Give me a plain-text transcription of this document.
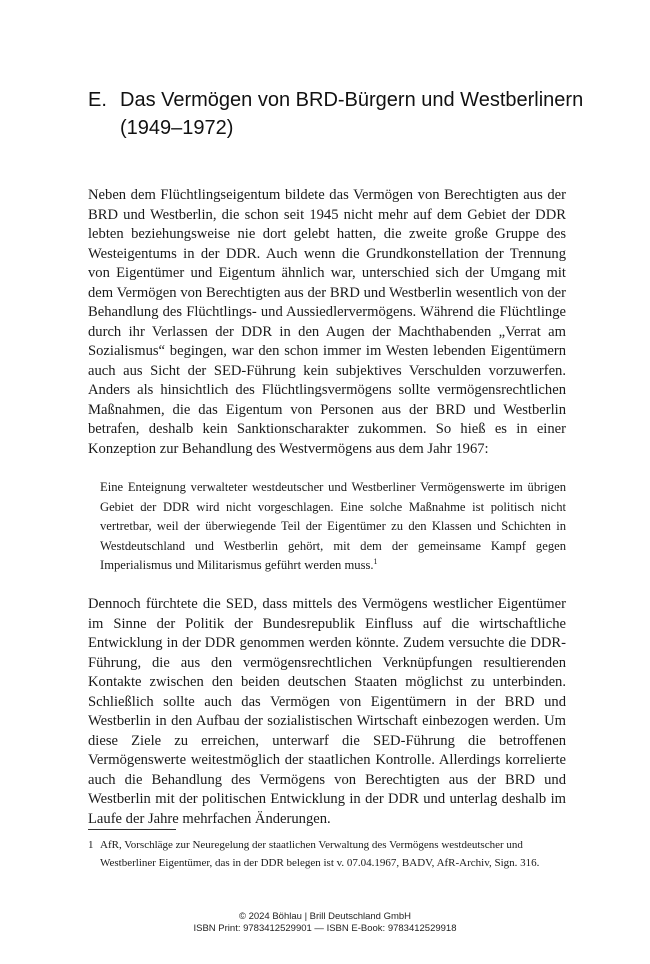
E. Das Vermögen von BRD-Bürgern und Westberlinern (1949–1972)

Neben dem Flüchtlingseigentum bildete das Vermögen von Berechtigten aus der BRD und Westberlin, die schon seit 1945 nicht mehr auf dem Gebiet der DDR lebten beziehungsweise nie dort gelebt hatten, die zweite große Gruppe des Westeigentums in der DDR. Auch wenn die Grundkonstellation der Trennung von Eigentümer und Eigentum ähnlich war, unterschied sich der Umgang mit dem Vermögen von Berechtigten aus der BRD und Westberlin wesentlich von der Behandlung des Flüchtlings- und Aussiedlervermögens. Während die Flüchtlinge durch ihr Verlassen der DDR in den Augen der Machthabenden „Verrat am Sozialismus“ begingen, war den schon immer im Westen lebenden Eigentümern auch aus Sicht der SED-Führung kein subjektives Verschulden vorzuwerfen. Anders als hinsichtlich des Flüchtlingsvermögens sollte vermögensrechtlichen Maßnahmen, die das Eigentum von Personen aus der BRD und Westberlin betrafen, deshalb kein Sanktionscharakter zukommen. So hieß es in einer Konzeption zur Behandlung des Westvermögens aus dem Jahr 1967:

Eine Enteignung verwalteter westdeutscher und Westberliner Vermögenswerte im übrigen Gebiet der DDR wird nicht vorgeschlagen. Eine solche Maßnahme ist politisch nicht vertretbar, weil der überwiegende Teil der Eigentümer zu den Klassen und Schichten in Westdeutschland und Westberlin gehört, mit dem der gemeinsame Kampf gegen Imperialismus und Militarismus geführt werden muss.$^1$

Dennoch fürchtete die SED, dass mittels des Vermögens westlicher Eigentümer im Sinne der Politik der Bundesrepublik Einfluss auf die wirtschaftliche Entwicklung in der DDR genommen werden könnte. Zudem versuchte die DDR-Führung, die aus den vermögensrechtlichen Verknüpfungen resultierenden Kontakte zwischen den beiden deutschen Staaten möglichst zu unterbinden. Schließlich sollte auch das Vermögen von Eigentümern in der BRD und Westberlin in den Aufbau der sozialistischen Wirtschaft einbezogen werden. Um diese Ziele zu erreichen, unterwarf die SED-Führung die betroffenen Vermögenswerte weitestmöglich der staatlichen Kontrolle. Allerdings korrelierte auch die Behandlung des Vermögens von Berechtigten aus der BRD und Westberlin mit der politischen Entwicklung in der DDR und unterlag deshalb im Laufe der Jahre mehrfachen Änderungen.

1 AfR, Vorschläge zur Neuregelung der staatlichen Verwaltung des Vermögens westdeutscher und Westberliner Eigentümer, das in der DDR belegen ist v. 07.04.1967, BADV, AfR-Archiv, Sign. 316.

© 2024 Böhlau | Brill Deutschland GmbH
ISBN Print: 9783412529901 — ISBN E-Book: 9783412529918
